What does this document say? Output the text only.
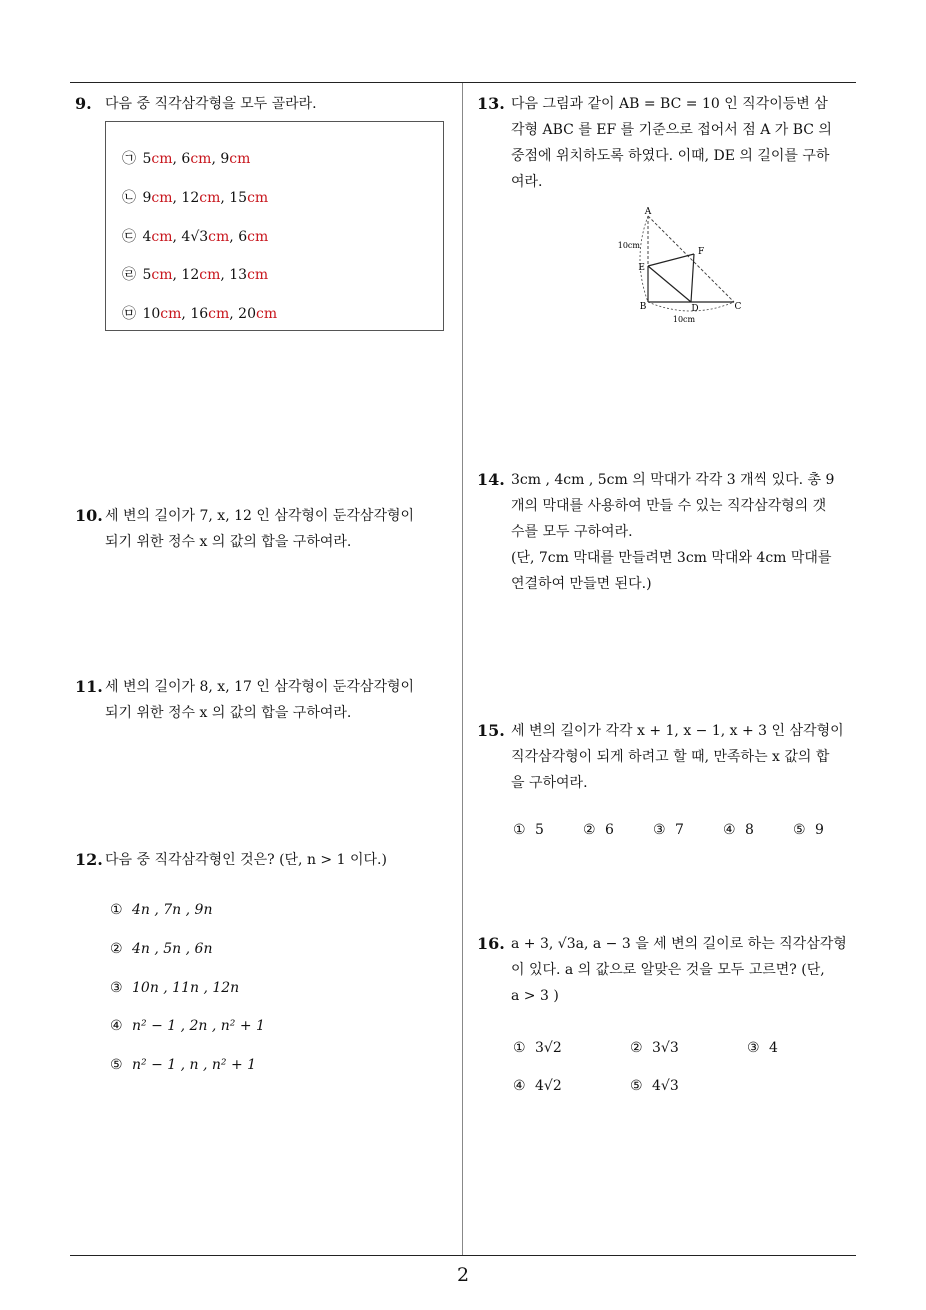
2
9. 다음 중 직각삼각형을 모두 골라라.
㉠ 5cm, 6cm, 9cm
㉡ 9cm, 12cm, 15cm
㉢ 4cm, 4√3cm, 6cm
㉣ 5cm, 12cm, 13cm
㉤ 10cm, 16cm, 20cm
10. 세 변의 길이가 7, x, 12 인 삼각형이 둔각삼각형이
되기 위한 정수 x 의 값의 합을 구하여라.
11. 세 변의 길이가 8, x, 17 인 삼각형이 둔각삼각형이
되기 위한 정수 x 의 값의 합을 구하여라.
12. 다음 중 직각삼각형인 것은? (단, n > 1 이다.)
① 4n , 7n , 9n
② 4n , 5n , 6n
③ 10n , 11n , 12n
④ n² − 1 , 2n , n² + 1
⑤ n² − 1 , n , n² + 1
13. 다음 그림과 같이 AB = BC = 10 인 직각이등변 삼
각형 ABC 를 EF 를 기준으로 접어서 점 A 가 BC 의
중점에 위치하도록 하였다. 이때, DE 의 길이를 구하
여라.
A
B	C
D
E
F
10cm
10cm
14. 3cm , 4cm , 5cm 의 막대가 각각 3 개씩 있다. 총 9
개의 막대를 사용하여 만들 수 있는 직각삼각형의 갯
수를 모두 구하여라.
(단, 7cm 막대를 만들려면 3cm 막대와 4cm 막대를
연결하여 만들면 된다.)
15. 세 변의 길이가 각각 x + 1, x − 1, x + 3 인 삼각형이
직각삼각형이 되게 하려고 할 때, 만족하는 x 값의 합
을 구하여라.
① 5	② 6	③ 7	④ 8	⑤ 9
16. a + 3, √3a, a − 3 을 세 변의 길이로 하는 직각삼각형
이 있다. a 의 값으로 알맞은 것을 모두 고르면? (단,
a > 3 )
① 3√2	② 3√3	③ 4
④ 4√2	⑤ 4√3
